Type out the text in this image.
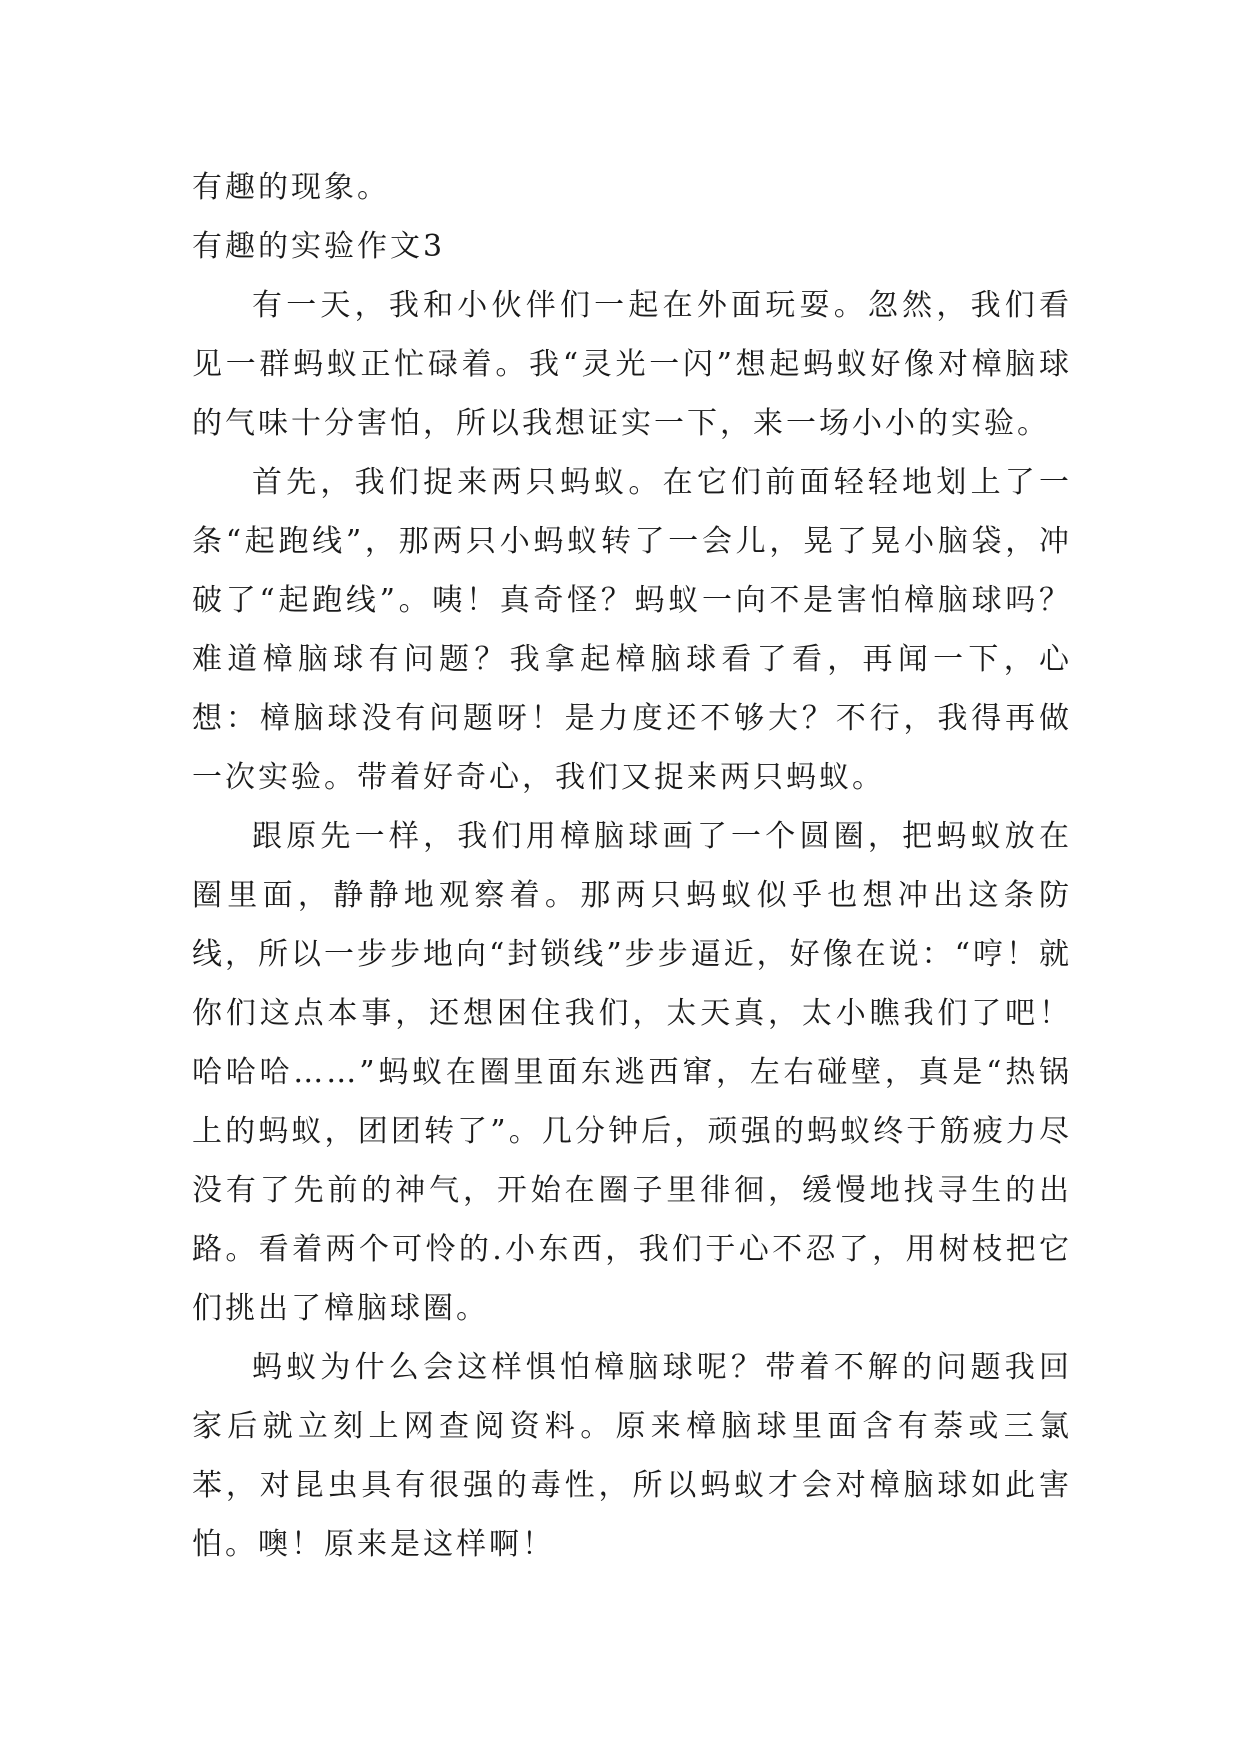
有趣的现象。

有趣的实验作文3

有一天，我和小伙伴们一起在外面玩耍。忽然，我们看见一群蚂蚁正忙碌着。我“灵光一闪”想起蚂蚁好像对樟脑球的气味十分害怕，所以我想证实一下，来一场小小的实验。

首先，我们捉来两只蚂蚁。在它们前面轻轻地划上了一条“起跑线”，那两只小蚂蚁转了一会儿，晃了晃小脑袋，冲破了“起跑线”。咦！真奇怪？蚂蚁一向不是害怕樟脑球吗？难道樟脑球有问题？我拿起樟脑球看了看，再闻一下，心想：樟脑球没有问题呀！是力度还不够大？不行，我得再做一次实验。带着好奇心，我们又捉来两只蚂蚁。

跟原先一样，我们用樟脑球画了一个圆圈，把蚂蚁放在圈里面，静静地观察着。那两只蚂蚁似乎也想冲出这条防线，所以一步步地向“封锁线”步步逼近，好像在说：“哼！就你们这点本事，还想困住我们，太天真，太小瞧我们了吧！哈哈哈……”蚂蚁在圈里面东逃西窜，左右碰壁，真是“热锅上的蚂蚁，团团转了”。几分钟后，顽强的蚂蚁终于筋疲力尽没有了先前的神气，开始在圈子里徘徊，缓慢地找寻生的出路。看着两个可怜的.小东西，我们于心不忍了，用树枝把它们挑出了樟脑球圈。

蚂蚁为什么会这样惧怕樟脑球呢？带着不解的问题我回家后就立刻上网查阅资料。原来樟脑球里面含有萘或三氯苯，对昆虫具有很强的毒性，所以蚂蚁才会对樟脑球如此害怕。噢！原来是这样啊！
